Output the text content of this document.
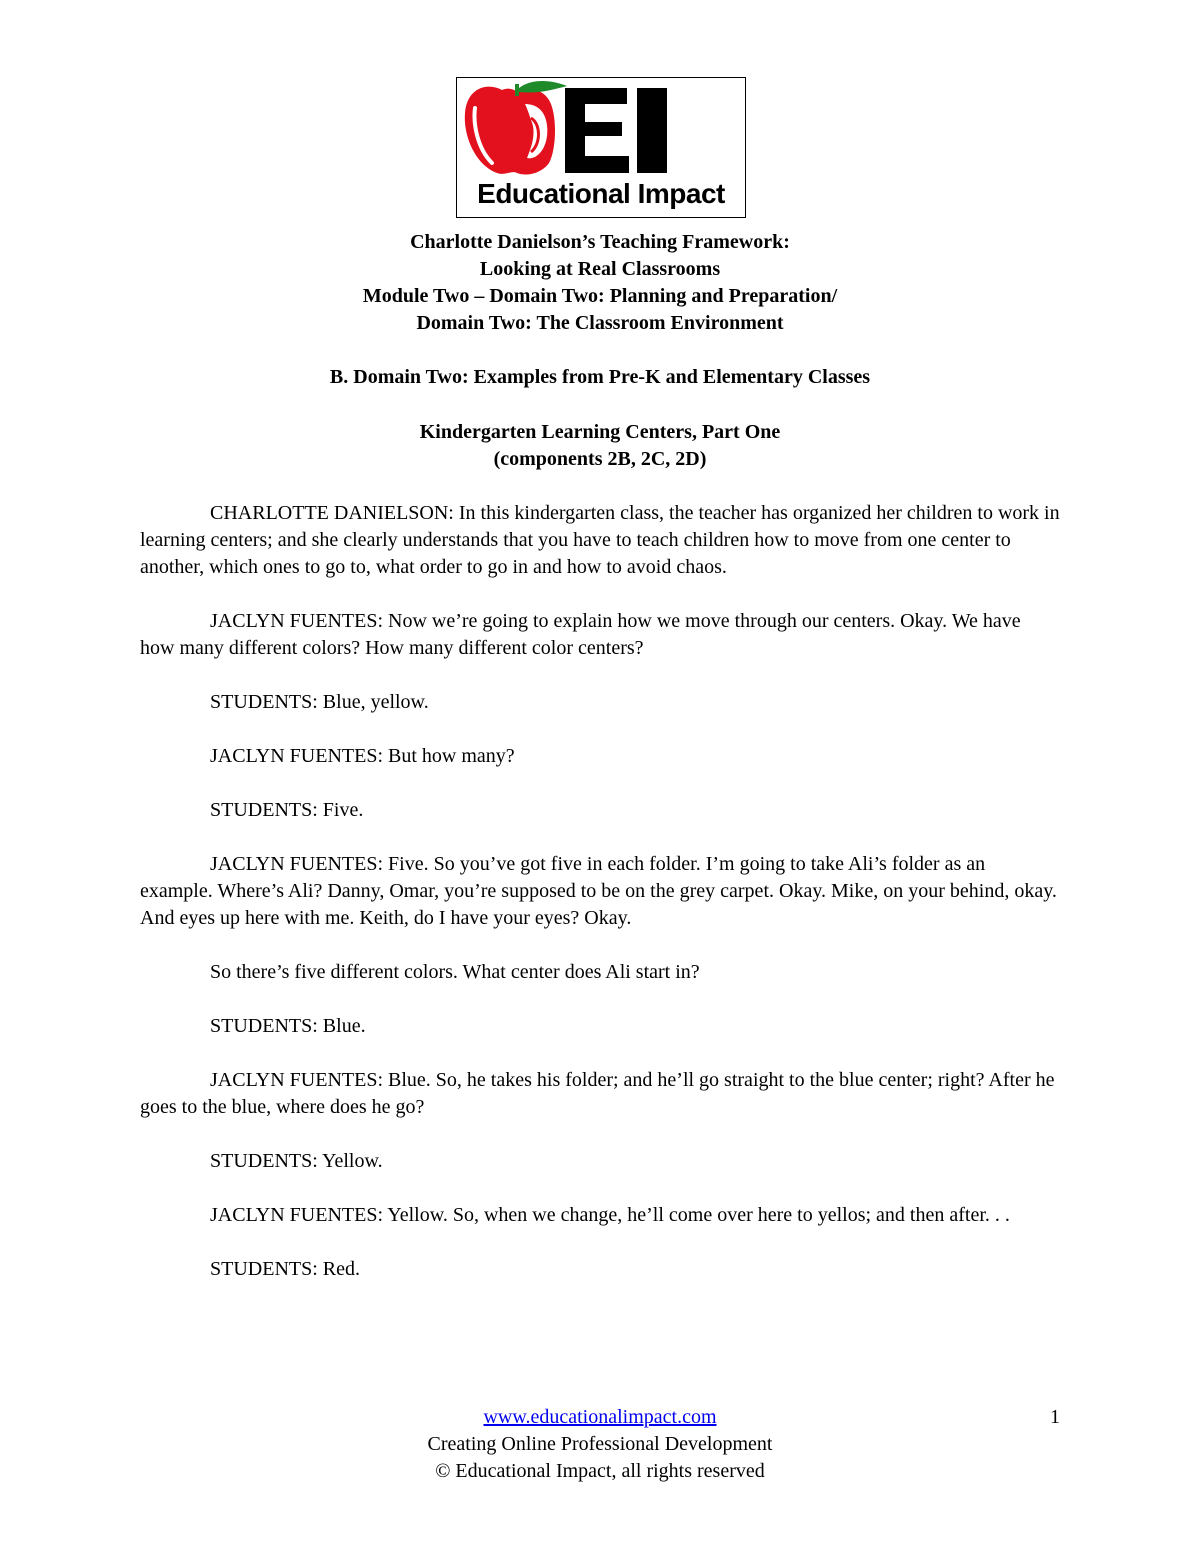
Educational Impact
Charlotte Danielson’s Teaching Framework:
Looking at Real Classrooms
Module Two – Domain Two: Planning and Preparation/
Domain Two: The Classroom Environment
B. Domain Two: Examples from Pre-K and Elementary Classes
Kindergarten Learning Centers, Part One
(components 2B, 2C, 2D)

CHARLOTTE DANIELSON: In this kindergarten class, the teacher has organized her children to work in learning centers; and she clearly understands that you have to teach children how to move from one center to another, which ones to go to, what order to go in and how to avoid chaos.

JACLYN FUENTES: Now we’re going to explain how we move through our centers. Okay. We have how many different colors? How many different color centers?

STUDENTS: Blue, yellow.

JACLYN FUENTES: But how many?

STUDENTS: Five.

JACLYN FUENTES: Five. So you’ve got five in each folder. I’m going to take Ali’s folder as an example. Where’s Ali? Danny, Omar, you’re supposed to be on the grey carpet. Okay. Mike, on your behind, okay. And eyes up here with me. Keith, do I have your eyes? Okay.

So there’s five different colors. What center does Ali start in?

STUDENTS: Blue.

JACLYN FUENTES: Blue. So, he takes his folder; and he’ll go straight to the blue center; right? After he goes to the blue, where does he go?

STUDENTS: Yellow.

JACLYN FUENTES: Yellow. So, when we change, he’ll come over here to yellos; and then after. . .

STUDENTS: Red.

www.educationalimpact.com
Creating Online Professional Development
© Educational Impact, all rights reserved
1
